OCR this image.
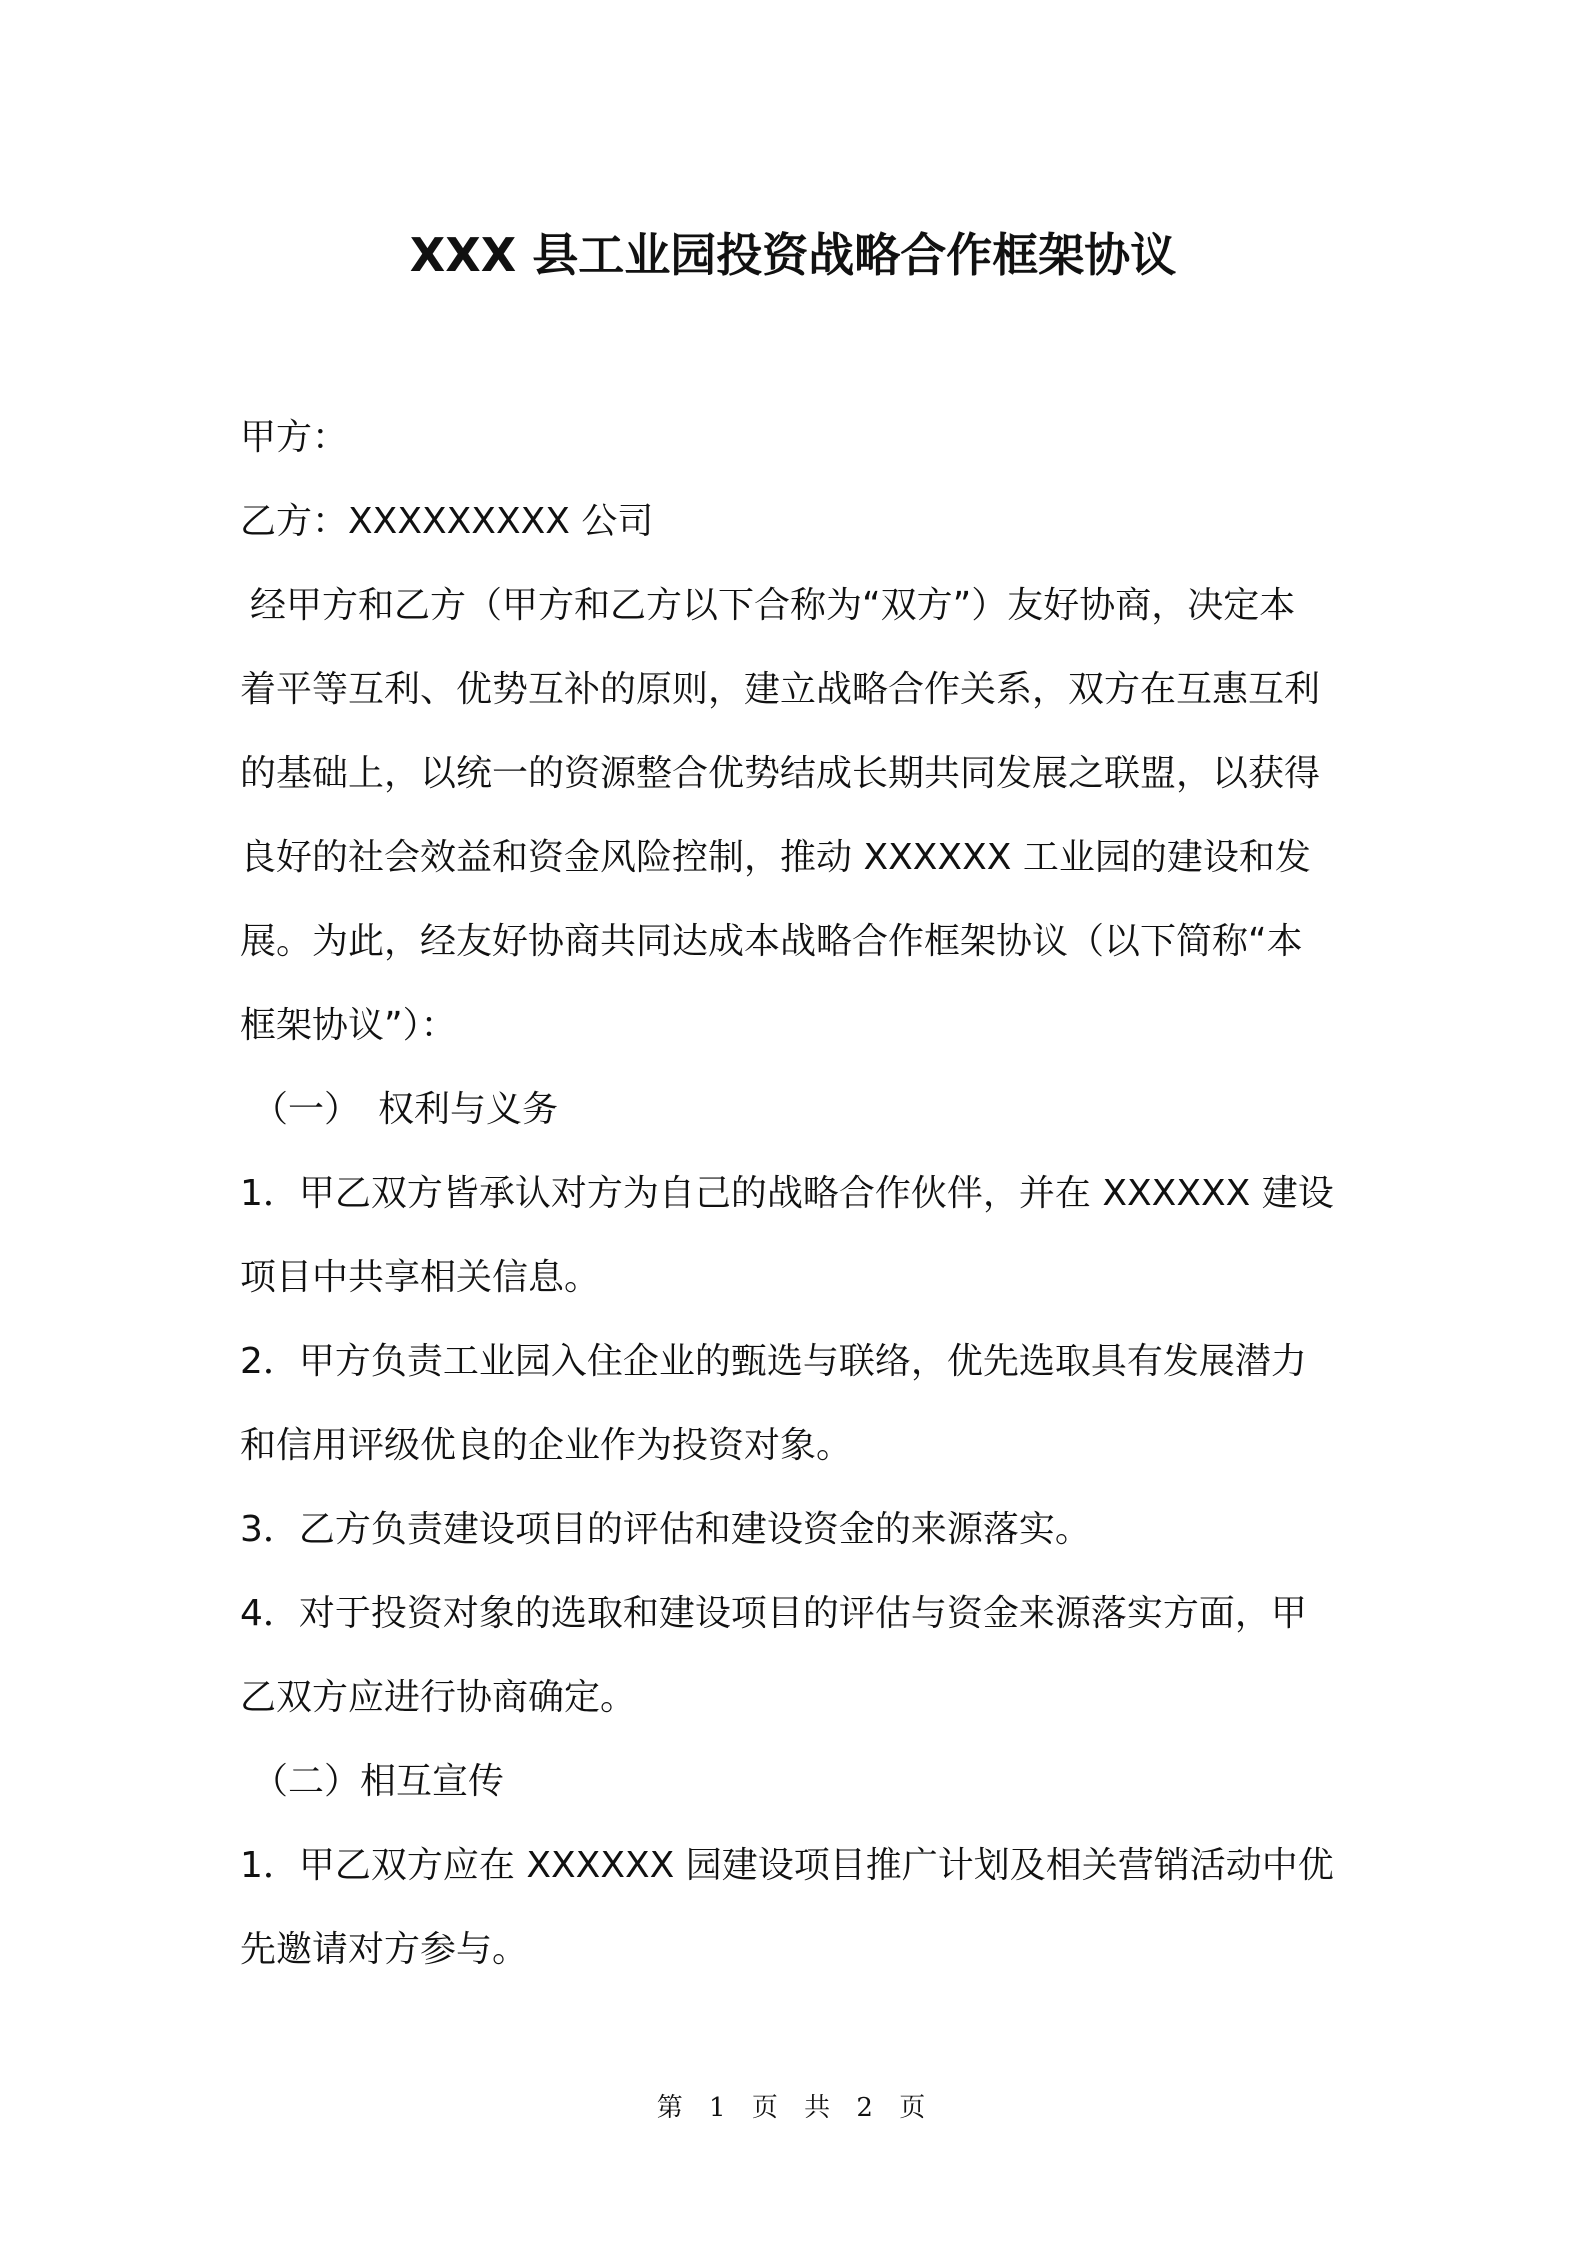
XXX 县工业园投资战略合作框架协议
甲方：
乙方：XXXXXXXXX 公司
经甲方和乙方（甲方和乙方以下合称为“双方”）友好协商，决定本
着平等互利、优势互补的原则，建立战略合作关系，双方在互惠互利
的基础上，以统一的资源整合优势结成长期共同发展之联盟，以获得
良好的社会效益和资金风险控制，推动 XXXXXX 工业园的建设和发
展。为此，经友好协商共同达成本战略合作框架协议（以下简称“本
框架协议”）：
（一）　权利与义务
1．甲乙双方皆承认对方为自己的战略合作伙伴，并在 XXXXXX 建设
项目中共享相关信息。
2．甲方负责工业园入住企业的甄选与联络，优先选取具有发展潜力
和信用评级优良的企业作为投资对象。
3．乙方负责建设项目的评估和建设资金的来源落实。
4．对于投资对象的选取和建设项目的评估与资金来源落实方面，甲
乙双方应进行协商确定。
（二）相互宣传
1．甲乙双方应在 XXXXXX 园建设项目推广计划及相关营销活动中优
先邀请对方参与。
第 1 页 共 2 页
